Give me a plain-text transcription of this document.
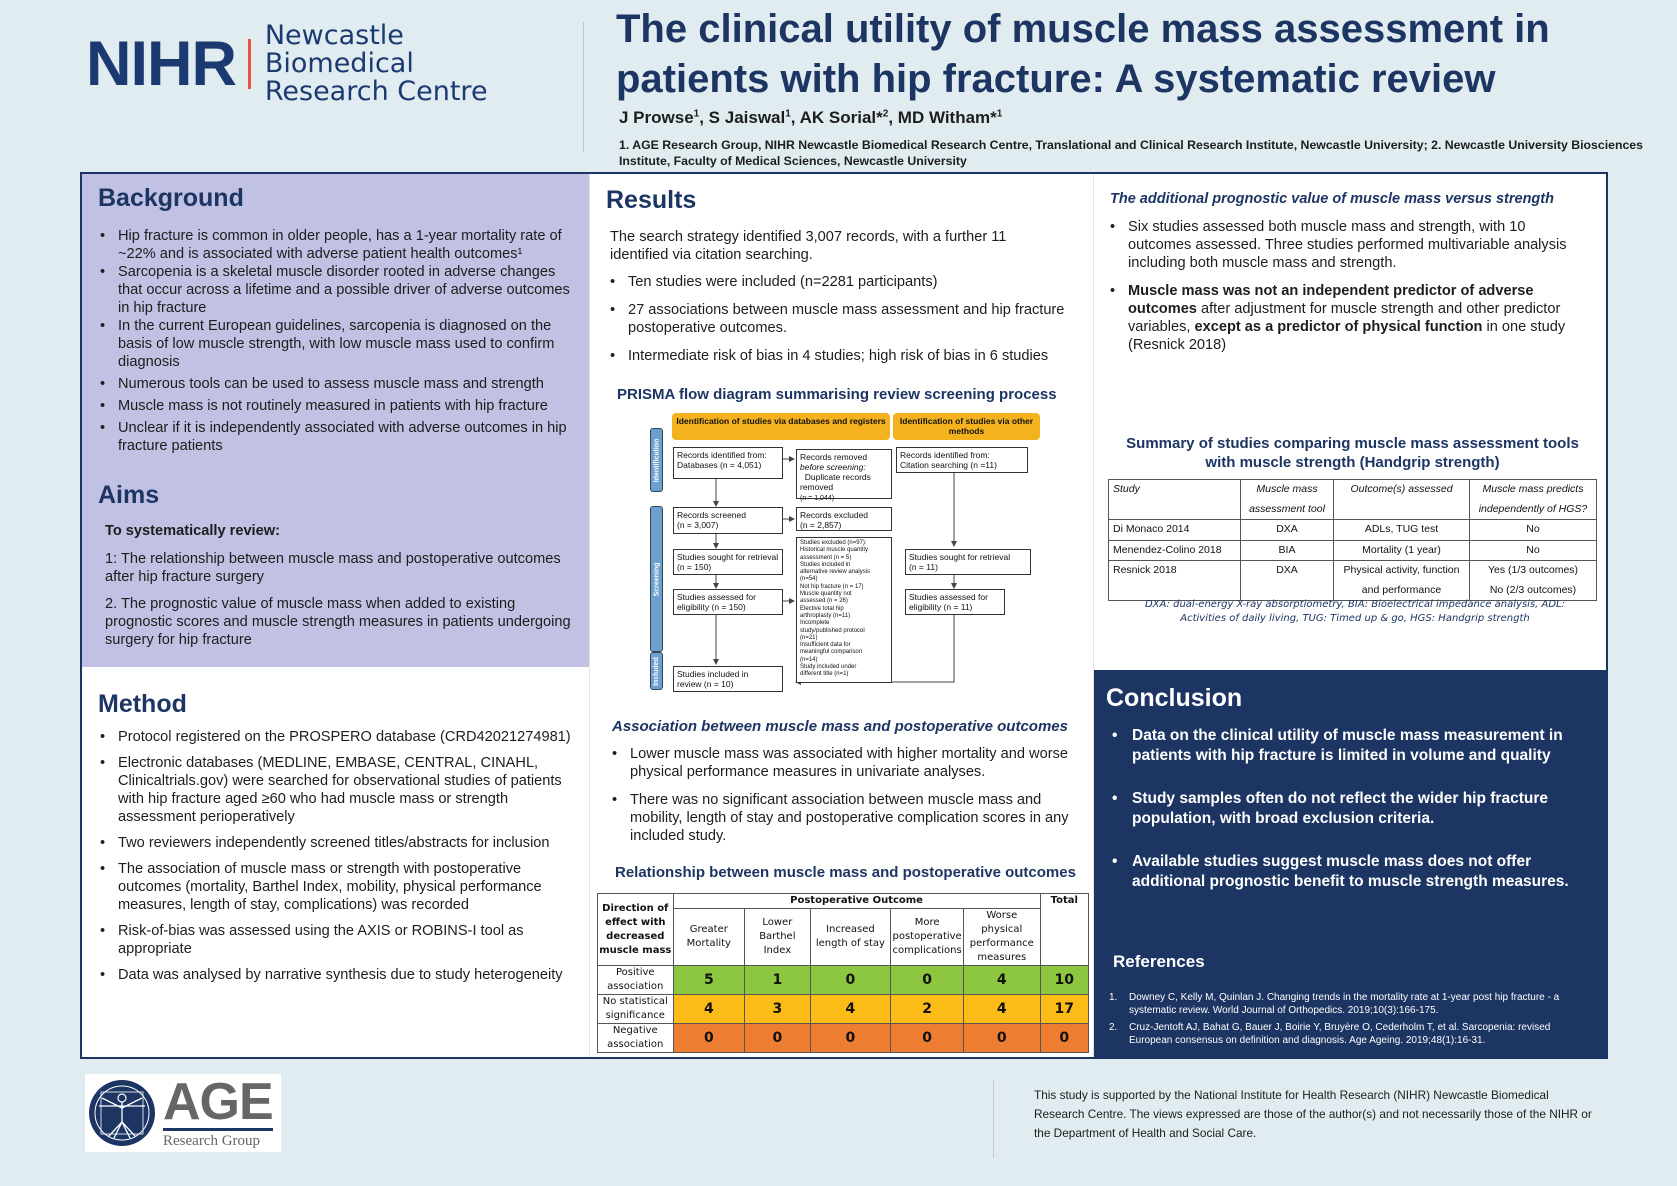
NIHR Newcastle Biomedical
Research Centre
The clinical utility of muscle mass assessment in
patients with hip fracture: A systematic review
J Prowse$^1$, S Jaiswal$^1$, AK Sorial*$^2$, MD Witham*$^1$
1. AGE Research Group, NIHR Newcastle Biomedical Research Centre, Translational and Clinical Research Institute, Newcastle University; 2. Newcastle University Biosciences Institute, Faculty of Medical Sciences, Newcastle University
Background
• Hip fracture is common in older people, has a 1-year mortality rate of ~22% and is associated with adverse patient health outcomes¹
• Sarcopenia is a skeletal muscle disorder rooted in adverse changes that occur across a lifetime and a possible driver of adverse outcomes in hip fracture
• In the current European guidelines, sarcopenia is diagnosed on the basis of low muscle strength, with low muscle mass used to confirm diagnosis
• Numerous tools can be used to assess muscle mass and strength
• Muscle mass is not routinely measured in patients with hip fracture
• Unclear if it is independently associated with adverse outcomes in hip fracture patients
Aims
To systematically review:
1: The relationship between muscle mass and postoperative outcomes after hip fracture surgery
2. The prognostic value of muscle mass when added to existing prognostic scores and muscle strength measures in patients undergoing surgery for hip fracture
Method
• Protocol registered on the PROSPERO database (CRD42021274981)
• Electronic databases (MEDLINE, EMBASE, CENTRAL, CINAHL, Clinicaltrials.gov) were searched for observational studies of patients with hip fracture aged ≥60 who had muscle mass or strength assessment perioperatively
• Two reviewers independently screened titles/abstracts for inclusion
• The association of muscle mass or strength with postoperative outcomes (mortality, Barthel Index, mobility, physical performance measures, length of stay, complications) was recorded
• Risk-of-bias was assessed using the AXIS or ROBINS-I tool as appropriate
• Data was analysed by narrative synthesis due to study heterogeneity
Results
The search strategy identified 3,007 records, with a further 11 identified via citation searching.
• Ten studies were included (n=2281 participants)
• 27 associations between muscle mass assessment and hip fracture postoperative outcomes.
• Intermediate risk of bias in 4 studies; high risk of bias in 6 studies
PRISMA flow diagram summarising review screening process
Identification of studies via databases and registers	Identification of studies via other methods
Identification
Screening
Included
Records identified from:
Databases (n = 4,051)
Records removed before screening:
Duplicate records removed
(n = 1,044)
Records identified from:
Citation searching (n =11)
Records screened
(n = 3,007)
Records excluded
(n = 2,857)
Studies sought for retrieval
(n = 150)
Studies sought for retrieval
(n = 11)
Studies assessed for
eligibility (n = 150)
Studies assessed for
eligibility (n = 11)
Studies excluded (n=97):
Historical muscle quantity
assessment (n = 5)
Studies included in
alternative review analysis
(n=54)
Not hip fracture (n = 17)
Muscle quantity not
assessed (n = 26)
Elective total hip
arthroplasty (n=11)
Incomplete
study/published protocol
(n=21)
Insufficient data for
meaningful comparison
(n=14)
Study included under
different title (n=1)
Studies included in
review (n = 10)
Association between muscle mass and postoperative outcomes
• Lower muscle mass was associated with higher mortality and worse physical performance measures in univariate analyses.
• There was no significant association between muscle mass and mobility, length of stay and postoperative complication scores in any included study.
Relationship between muscle mass and postoperative outcomes
Direction of effect with decreased muscle mass	Postoperative Outcome					Total
	Greater Mortality	Lower Barthel Index	Increased length of stay	More postoperative complications	Worse physical performance measures	
Positive association	5	1	0	0	4	10
No statistical significance	4	3	4	2	4	17
Negative association	0	0	0	0	0	0
The additional prognostic value of muscle mass versus strength
• Six studies assessed both muscle mass and strength, with 10 outcomes assessed. Three studies performed multivariable analysis including both muscle mass and strength.
• Muscle mass was not an independent predictor of adverse outcomes after adjustment for muscle strength and other predictor variables, except as a predictor of physical function in one study (Resnick 2018)
Summary of studies comparing muscle mass assessment tools
with muscle strength (Handgrip strength)
Study	Muscle mass assessment tool	Outcome(s) assessed	Muscle mass predicts independently of HGS?
Di Monaco 2014	DXA	ADLs, TUG test	No
Menendez-Colino 2018	BIA	Mortality (1 year)	No
Resnick 2018	DXA	Physical activity, function and performance	Yes (1/3 outcomes)
No (2/3 outcomes)
DXA: dual-energy X-ray absorptiometry, BIA: Bioelectrical impedance analysis, ADL: Activities of daily living, TUG: Timed up & go, HGS: Handgrip strength
Conclusion
• Data on the clinical utility of muscle mass measurement in patients with hip fracture is limited in volume and quality
• Study samples often do not reflect the wider hip fracture population, with broad exclusion criteria.
• Available studies suggest muscle mass does not offer additional prognostic benefit to muscle strength measures.
References
1. Downey C, Kelly M, Quinlan J. Changing trends in the mortality rate at 1-year post hip fracture - a systematic review. World Journal of Orthopedics. 2019;10(3):166-175.
2. Cruz-Jentoft AJ, Bahat G, Bauer J, Boirie Y, Bruyère O, Cederholm T, et al. Sarcopenia: revised European consensus on definition and diagnosis. Age Ageing. 2019;48(1):16-31.
AGE
Research Group
This study is supported by the National Institute for Health Research (NIHR) Newcastle Biomedical Research Centre. The views expressed are those of the author(s) and not necessarily those of the NIHR or the Department of Health and Social Care.
